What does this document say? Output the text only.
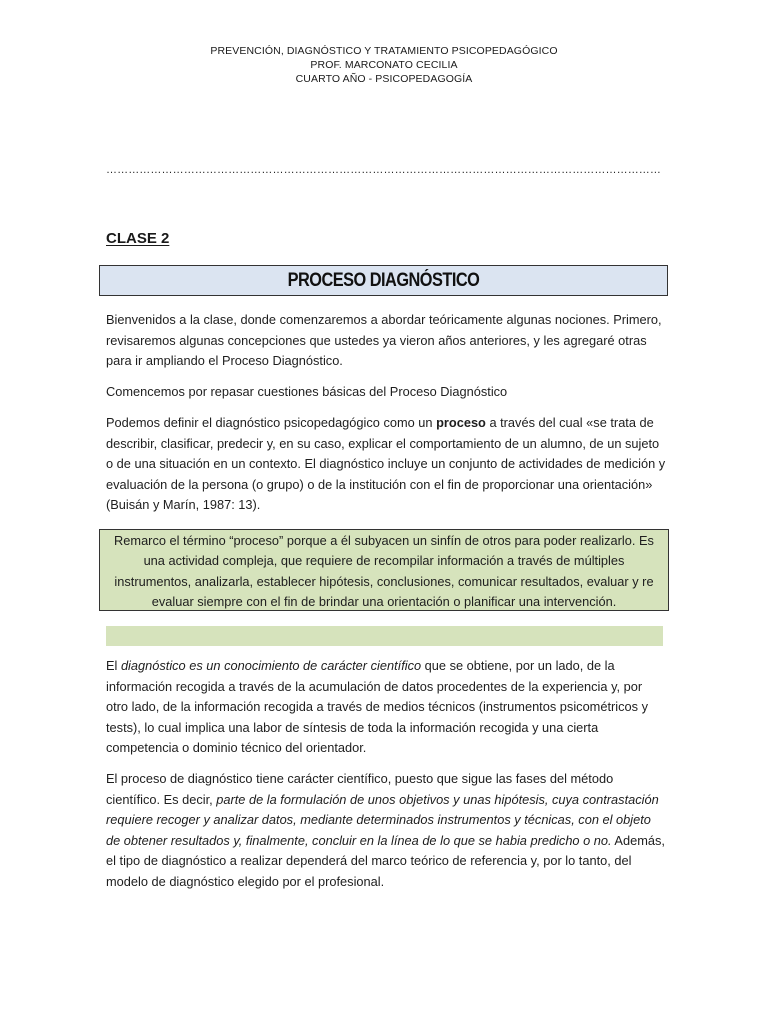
PREVENCIÓN, DIAGNÓSTICO Y TRATAMIENTO PSICOPEDAGÓGICO
PROF. MARCONATO CECILIA
CUARTO AÑO - PSICOPEDAGOGÍA
……………………………………………………………………………………………………………………………………
CLASE 2
PROCESO DIAGNÓSTICO
Bienvenidos a la clase, donde comenzaremos a abordar teóricamente algunas nociones. Primero, revisaremos algunas concepciones que ustedes ya vieron años anteriores, y les agregaré otras para ir ampliando el Proceso Diagnóstico.
Comencemos por repasar cuestiones básicas del Proceso Diagnóstico
Podemos definir el diagnóstico psicopedagógico como un proceso a través del cual «se trata de describir, clasificar, predecir y, en su caso, explicar el comportamiento de un alumno, de un sujeto o de una situación en un contexto. El diagnóstico incluye un conjunto de actividades de medición y evaluación de la persona (o grupo) o de la institución con el fin de proporcionar una orientación» (Buisán y Marín, 1987: 13).
Remarco el término “proceso” porque a él subyacen un sinfín de otros para poder realizarlo. Es una actividad compleja, que requiere de recompilar información a través de múltiples instrumentos, analizarla, establecer hipótesis, conclusiones, comunicar resultados, evaluar y re evaluar siempre con el fin de brindar una orientación o planificar una intervención.
El diagnóstico es un conocimiento de carácter científico que se obtiene, por un lado, de la información recogida a través de la acumulación de datos procedentes de la experiencia y, por otro lado, de la información recogida a través de medios técnicos (instrumentos psicométricos y tests), lo cual implica una labor de síntesis de toda la información recogida y una cierta competencia o dominio técnico del orientador.
El proceso de diagnóstico tiene carácter científico, puesto que sigue las fases del método científico. Es decir, parte de la formulación de unos objetivos y unas hipótesis, cuya contrastación requiere recoger y analizar datos, mediante determinados instrumentos y técnicas, con el objeto de obtener resultados y, finalmente, concluir en la línea de lo que se habia predicho o no. Además, el tipo de diagnóstico a realizar dependerá del marco teórico de referencia y, por lo tanto, del modelo de diagnóstico elegido por el profesional.
